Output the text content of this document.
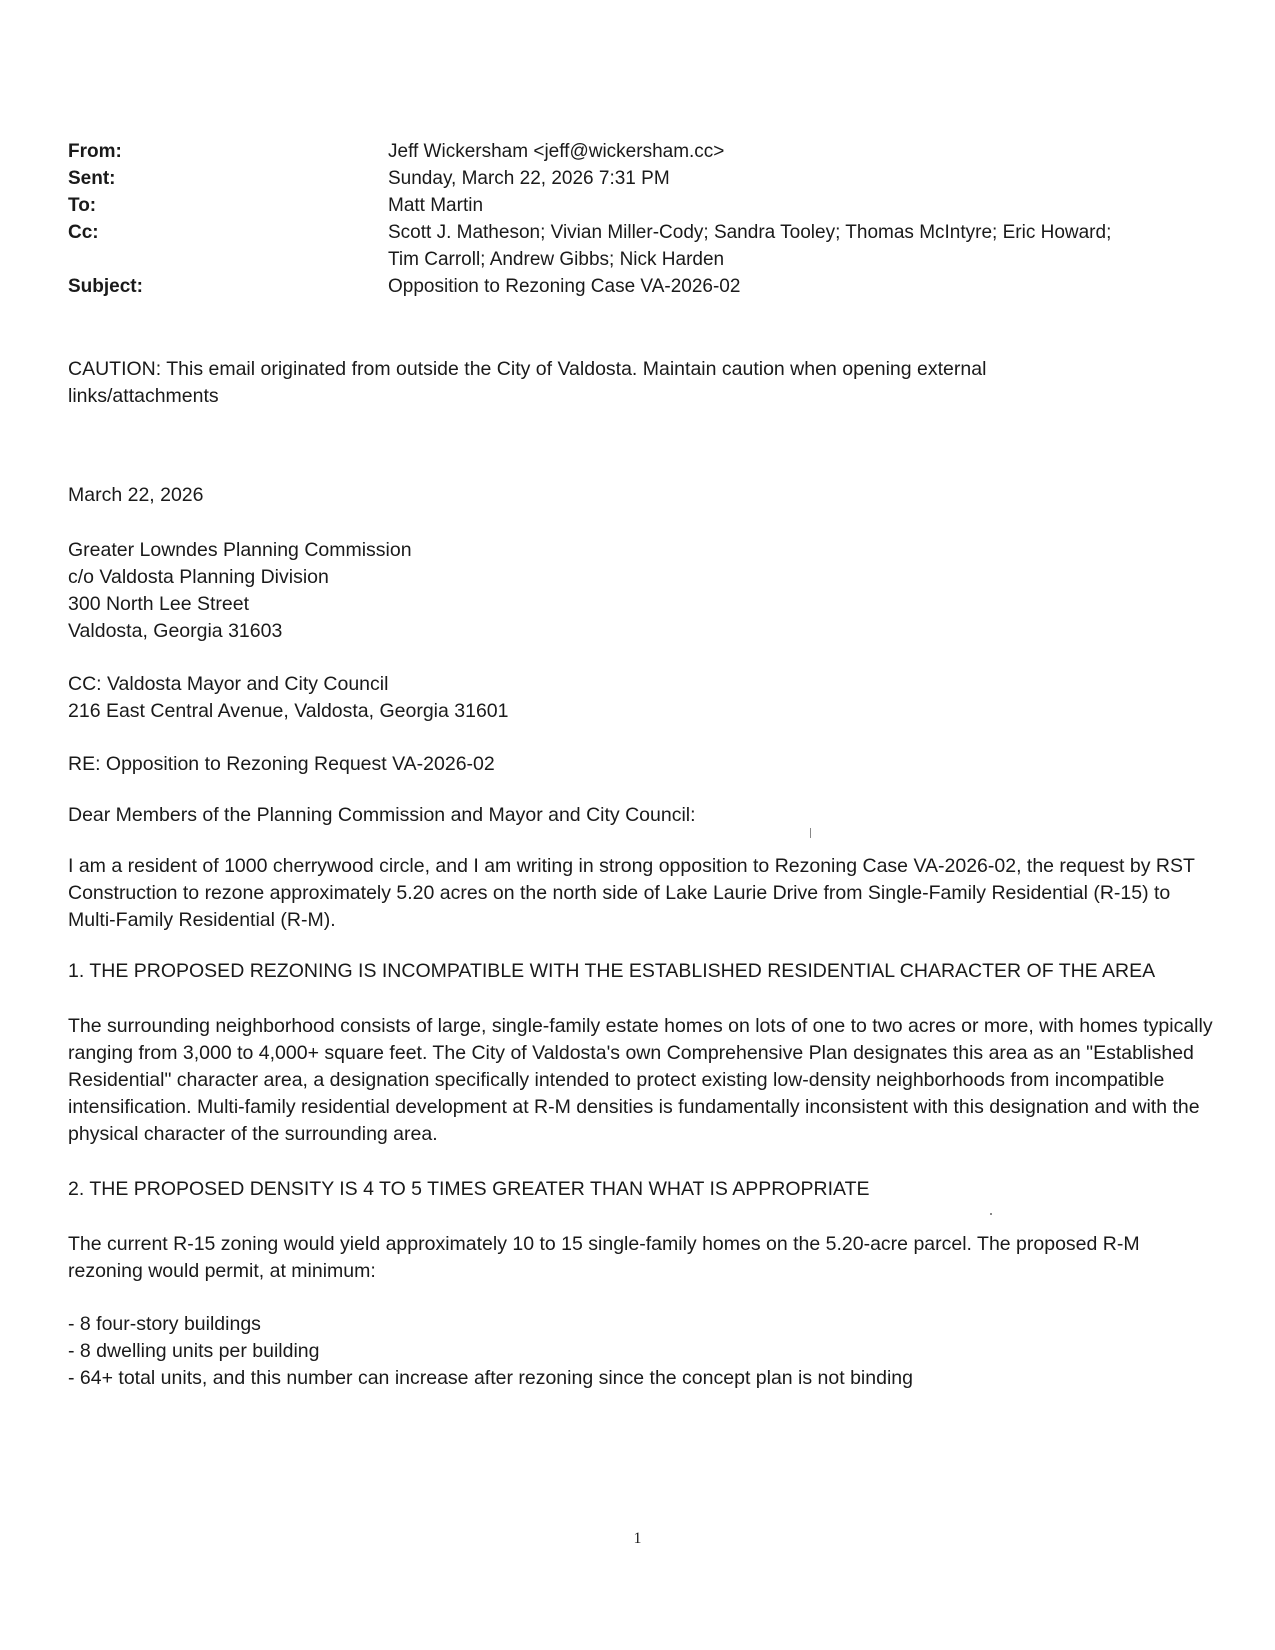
From:	Jeff Wickersham <jeff@wickersham.cc>
Sent:	Sunday, March 22, 2026 7:31 PM
To:	Matt Martin
Cc:	Scott J. Matheson; Vivian Miller-Cody; Sandra Tooley; Thomas McIntyre; Eric Howard;
Tim Carroll; Andrew Gibbs; Nick Harden
Subject:	Opposition to Rezoning Case VA-2026-02

CAUTION: This email originated from outside the City of Valdosta. Maintain caution when opening external links/attachments

March 22, 2026

Greater Lowndes Planning Commission
c/o Valdosta Planning Division
300 North Lee Street
Valdosta, Georgia 31603
CC: Valdosta Mayor and City Council
216 East Central Avenue, Valdosta, Georgia 31601

RE: Opposition to Rezoning Request VA-2026-02

Dear Members of the Planning Commission and Mayor and City Council:

I am a resident of 1000 cherrywood circle, and I am writing in strong opposition to Rezoning Case VA-2026-02, the request by RST Construction to rezone approximately 5.20 acres on the north side of Lake Laurie Drive from Single-Family Residential (R-15) to Multi-Family Residential (R-M).

1. THE PROPOSED REZONING IS INCOMPATIBLE WITH THE ESTABLISHED RESIDENTIAL CHARACTER OF THE AREA

The surrounding neighborhood consists of large, single-family estate homes on lots of one to two acres or more, with homes typically ranging from 3,000 to 4,000+ square feet. The City of Valdosta's own Comprehensive Plan designates this area as an "Established Residential" character area, a designation specifically intended to protect existing low-density neighborhoods from incompatible intensification. Multi-family residential development at R-M densities is fundamentally inconsistent with this designation and with the physical character of the surrounding area.

2. THE PROPOSED DENSITY IS 4 TO 5 TIMES GREATER THAN WHAT IS APPROPRIATE

The current R-15 zoning would yield approximately 10 to 15 single-family homes on the 5.20-acre parcel. The proposed R-M rezoning would permit, at minimum:

- 8 four-story buildings
- 8 dwelling units per building
- 64+ total units, and this number can increase after rezoning since the concept plan is not binding
1
